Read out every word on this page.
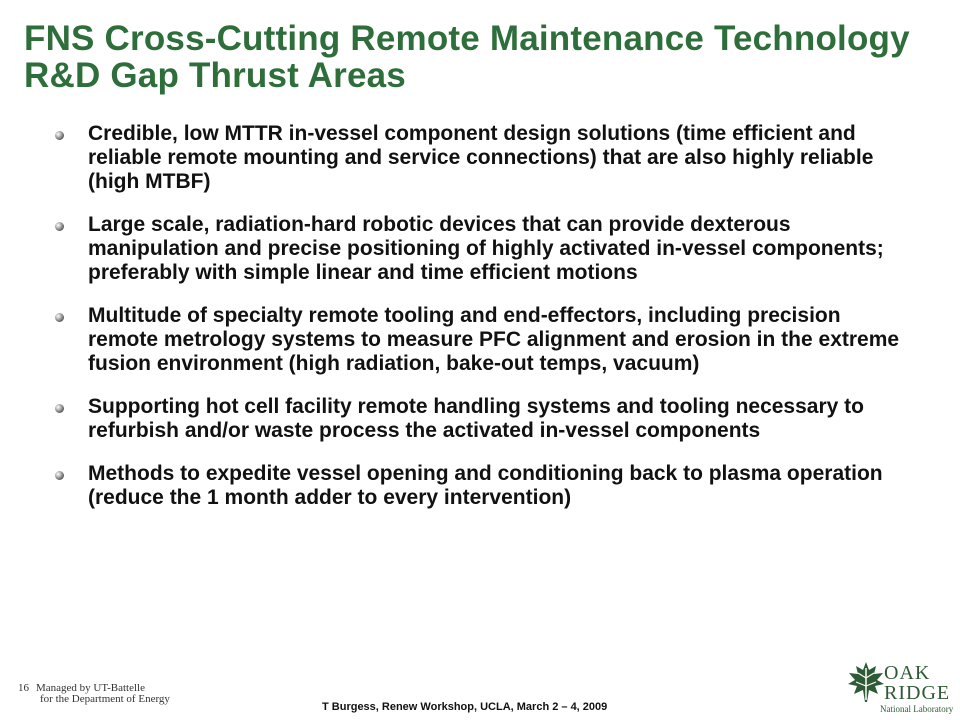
FNS Cross-Cutting Remote Maintenance Technology R&D Gap Thrust Areas
Credible, low MTTR in-vessel component design solutions (time efficient and reliable remote mounting and service connections) that are also highly reliable (high MTBF)
Large scale, radiation-hard robotic devices that can provide dexterous manipulation and precise positioning of highly activated in-vessel components; preferably with simple linear and time efficient motions
Multitude of specialty remote tooling and end-effectors, including precision remote metrology systems to measure PFC alignment and erosion in the extreme fusion environment (high radiation, bake-out temps, vacuum)
Supporting hot cell facility remote handling systems and tooling necessary to refurbish and/or waste process the activated in-vessel components
Methods to expedite vessel opening and conditioning back to plasma operation (reduce the 1 month adder to every intervention)
16 Managed by UT-Battelle
for the Department of Energy
T Burgess, Renew Workshop, UCLA, March 2 – 4, 2009
OAK
RIDGE
National Laboratory
